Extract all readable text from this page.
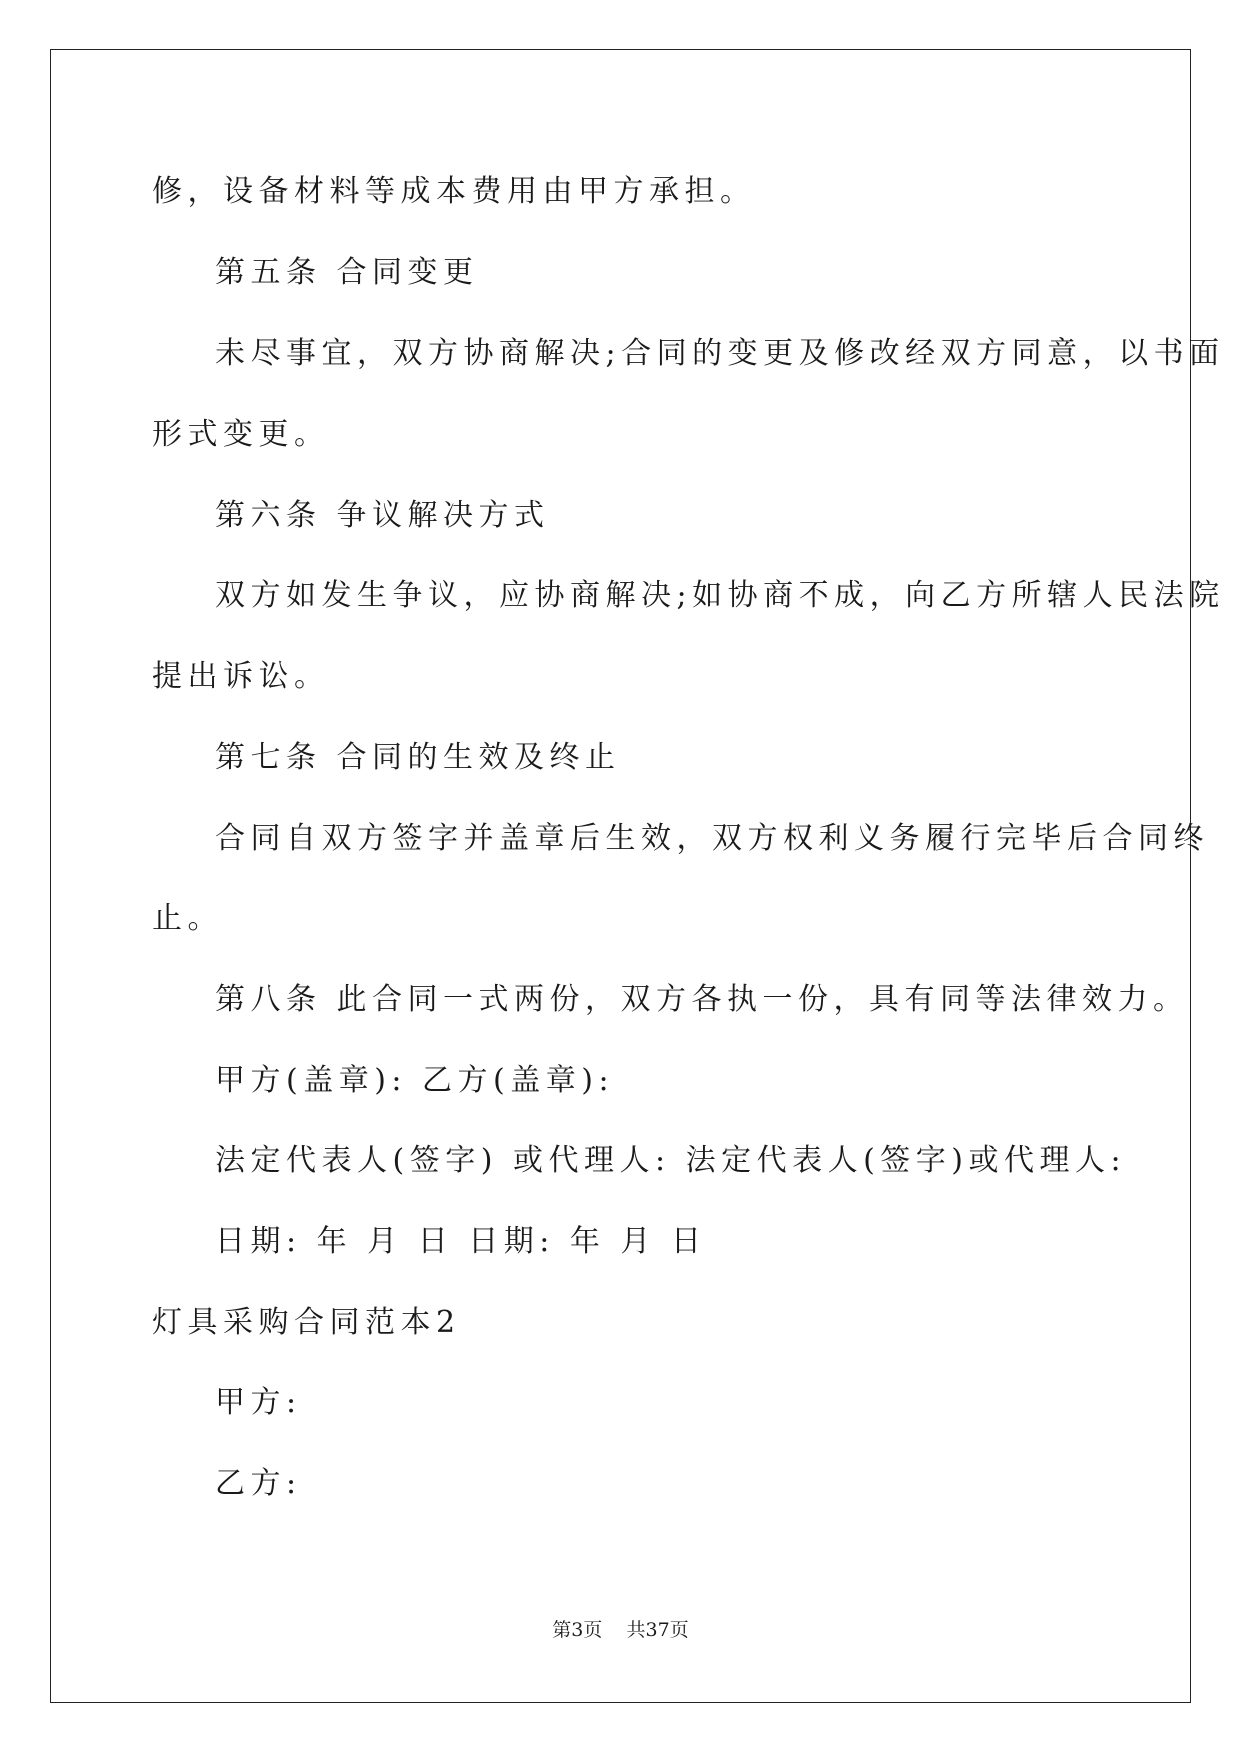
修，设备材料等成本费用由甲方承担。
第五条 合同变更
未尽事宜，双方协商解决;合同的变更及修改经双方同意，以书面
形式变更。
第六条 争议解决方式
双方如发生争议，应协商解决;如协商不成，向乙方所辖人民法院
提出诉讼。
第七条 合同的生效及终止
合同自双方签字并盖章后生效，双方权利义务履行完毕后合同终
止。
第八条 此合同一式两份，双方各执一份，具有同等法律效力。
甲方(盖章): 乙方(盖章):
法定代表人(签字) 或代理人: 法定代表人(签字)或代理人:
日期: 年 月 日 日期: 年 月 日
灯具采购合同范本2
甲方:
乙方:
第3页    共37页
